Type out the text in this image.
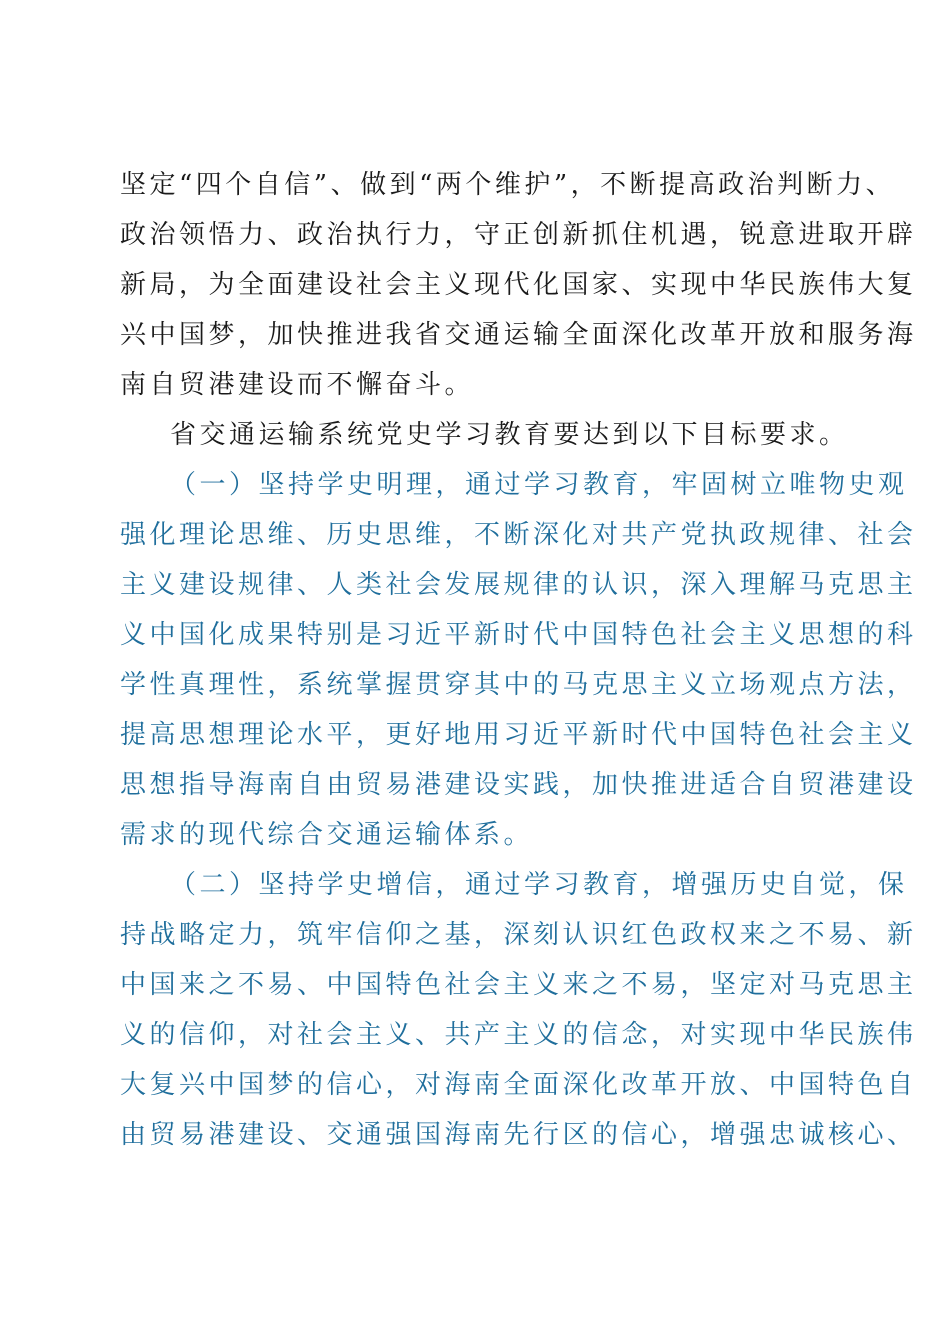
坚定“四个自信”、做到“两个维护”，不断提高政治判断力、
政治领悟力、政治执行力，守正创新抓住机遇，锐意进取开辟
新局，为全面建设社会主义现代化国家、实现中华民族伟大复
兴中国梦，加快推进我省交通运输全面深化改革开放和服务海
南自贸港建设而不懈奋斗。
省交通运输系统党史学习教育要达到以下目标要求。
（一）坚持学史明理，通过学习教育，牢固树立唯物史观
强化理论思维、历史思维，不断深化对共产党执政规律、社会
主义建设规律、人类社会发展规律的认识，深入理解马克思主
义中国化成果特别是习近平新时代中国特色社会主义思想的科
学性真理性，系统掌握贯穿其中的马克思主义立场观点方法，
提高思想理论水平，更好地用习近平新时代中国特色社会主义
思想指导海南自由贸易港建设实践，加快推进适合自贸港建设
需求的现代综合交通运输体系。
（二）坚持学史增信，通过学习教育，增强历史自觉，保
持战略定力，筑牢信仰之基，深刻认识红色政权来之不易、新
中国来之不易、中国特色社会主义来之不易，坚定对马克思主
义的信仰，对社会主义、共产主义的信念，对实现中华民族伟
大复兴中国梦的信心，对海南全面深化改革开放、中国特色自
由贸易港建设、交通强国海南先行区的信心，增强忠诚核心、
